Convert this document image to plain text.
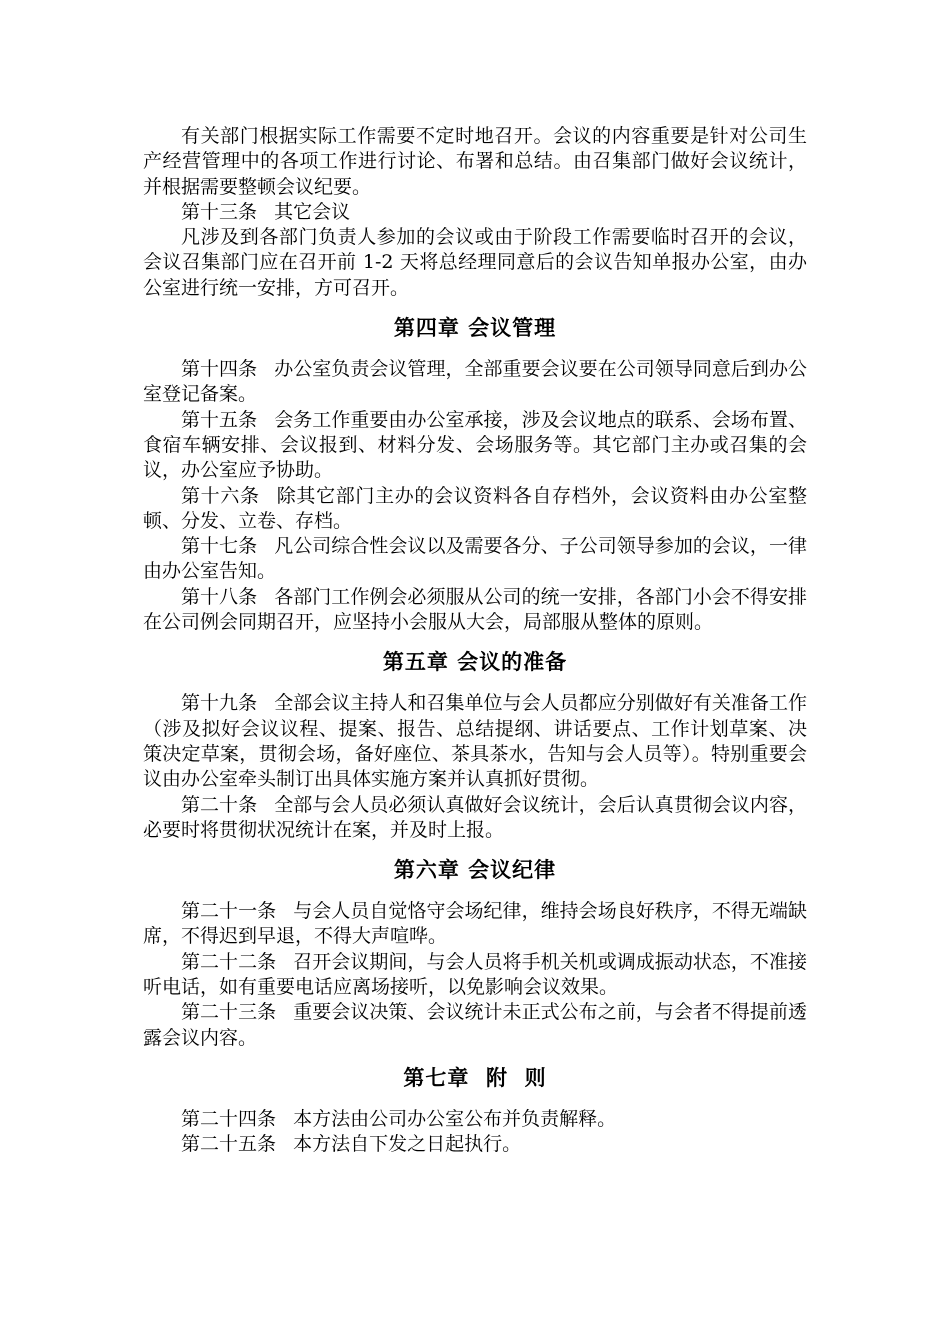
有关部门根据实际工作需要不定时地召开。会议的内容重要是针对公司生产经营管理中的各项工作进行讨论、布署和总结。由召集部门做好会议统计，并根据需要整顿会议纪要。

第十三条 其它会议

凡涉及到各部门负责人参加的会议或由于阶段工作需要临时召开的会议，会议召集部门应在召开前 1-2 天将总经理同意后的会议告知单报办公室，由办公室进行统一安排，方可召开。

第四章 会议管理

第十四条 办公室负责会议管理，全部重要会议要在公司领导同意后到办公室登记备案。

第十五条 会务工作重要由办公室承接，涉及会议地点的联系、会场布置、食宿车辆安排、会议报到、材料分发、会场服务等。其它部门主办或召集的会议，办公室应予协助。

第十六条 除其它部门主办的会议资料各自存档外，会议资料由办公室整顿、分发、立卷、存档。

第十七条 凡公司综合性会议以及需要各分、子公司领导参加的会议，一律由办公室告知。

第十八条 各部门工作例会必须服从公司的统一安排，各部门小会不得安排在公司例会同期召开，应坚持小会服从大会，局部服从整体的原则。

第五章 会议的准备

第十九条 全部会议主持人和召集单位与会人员都应分别做好有关准备工作（涉及拟好会议议程、提案、报告、总结提纲、讲话要点、工作计划草案、决策决定草案，贯彻会场，备好座位、茶具茶水，告知与会人员等）。特别重要会议由办公室牵头制订出具体实施方案并认真抓好贯彻。

第二十条 全部与会人员必须认真做好会议统计，会后认真贯彻会议内容，必要时将贯彻状况统计在案，并及时上报。

第六章 会议纪律

第二十一条 与会人员自觉恪守会场纪律，维持会场良好秩序，不得无端缺席，不得迟到早退，不得大声喧哗。

第二十二条 召开会议期间，与会人员将手机关机或调成振动状态，不准接听电话，如有重要电话应离场接听，以免影响会议效果。

第二十三条 重要会议决策、会议统计未正式公布之前，与会者不得提前透露会议内容。

第七章  附  则

第二十四条 本方法由公司办公室公布并负责解释。

第二十五条 本方法自下发之日起执行。
